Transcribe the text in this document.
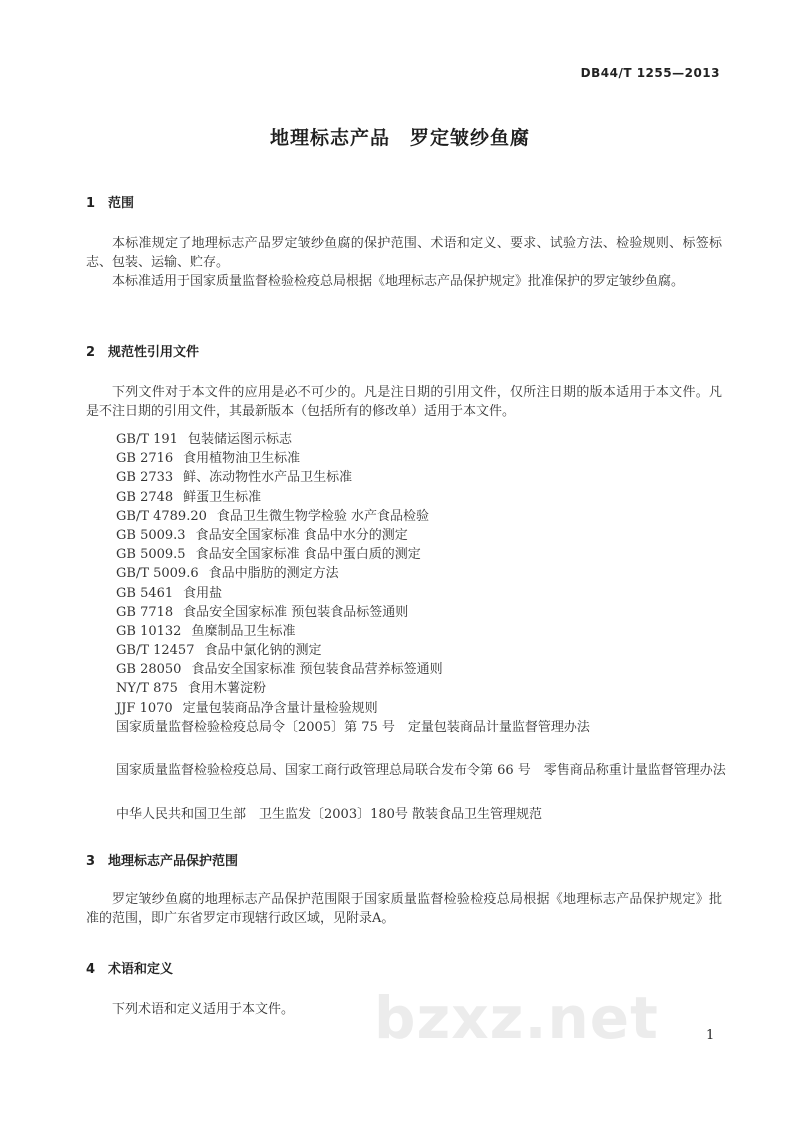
DB44/T 1255—2013
地理标志产品　罗定皱纱鱼腐
1 范围
本标准规定了地理标志产品罗定皱纱鱼腐的保护范围、术语和定义、要求、试验方法、检验规则、标签标志、包装、运输、贮存。
本标准适用于国家质量监督检验检疫总局根据《地理标志产品保护规定》批准保护的罗定皱纱鱼腐。
2 规范性引用文件
下列文件对于本文件的应用是必不可少的。凡是注日期的引用文件，仅所注日期的版本适用于本文件。凡是不注日期的引用文件，其最新版本（包括所有的修改单）适用于本文件。
GB/T 191 包装储运图示标志
GB 2716 食用植物油卫生标准
GB 2733 鲜、冻动物性水产品卫生标准
GB 2748 鲜蛋卫生标准
GB/T 4789.20 食品卫生微生物学检验 水产食品检验
GB 5009.3 食品安全国家标准 食品中水分的测定
GB 5009.5 食品安全国家标准 食品中蛋白质的测定
GB/T 5009.6 食品中脂肪的测定方法
GB 5461 食用盐
GB 7718 食品安全国家标准 预包装食品标签通则
GB 10132 鱼糜制品卫生标准
GB/T 12457 食品中氯化钠的测定
GB 28050 食品安全国家标准 预包装食品营养标签通则
NY/T 875 食用木薯淀粉
JJF 1070 定量包装商品净含量计量检验规则
国家质量监督检验检疫总局令〔2005〕第 75 号　定量包装商品计量监督管理办法
国家质量监督检验检疫总局、国家工商行政管理总局联合发布令第 66 号　零售商品称重计量监督管理办法
中华人民共和国卫生部　卫生监发〔2003〕180号 散装食品卫生管理规范
3 地理标志产品保护范围
罗定皱纱鱼腐的地理标志产品保护范围限于国家质量监督检验检疫总局根据《地理标志产品保护规定》批准的范围，即广东省罗定市现辖行政区域，见附录A。
4 术语和定义
下列术语和定义适用于本文件。	bzxz.net	1
